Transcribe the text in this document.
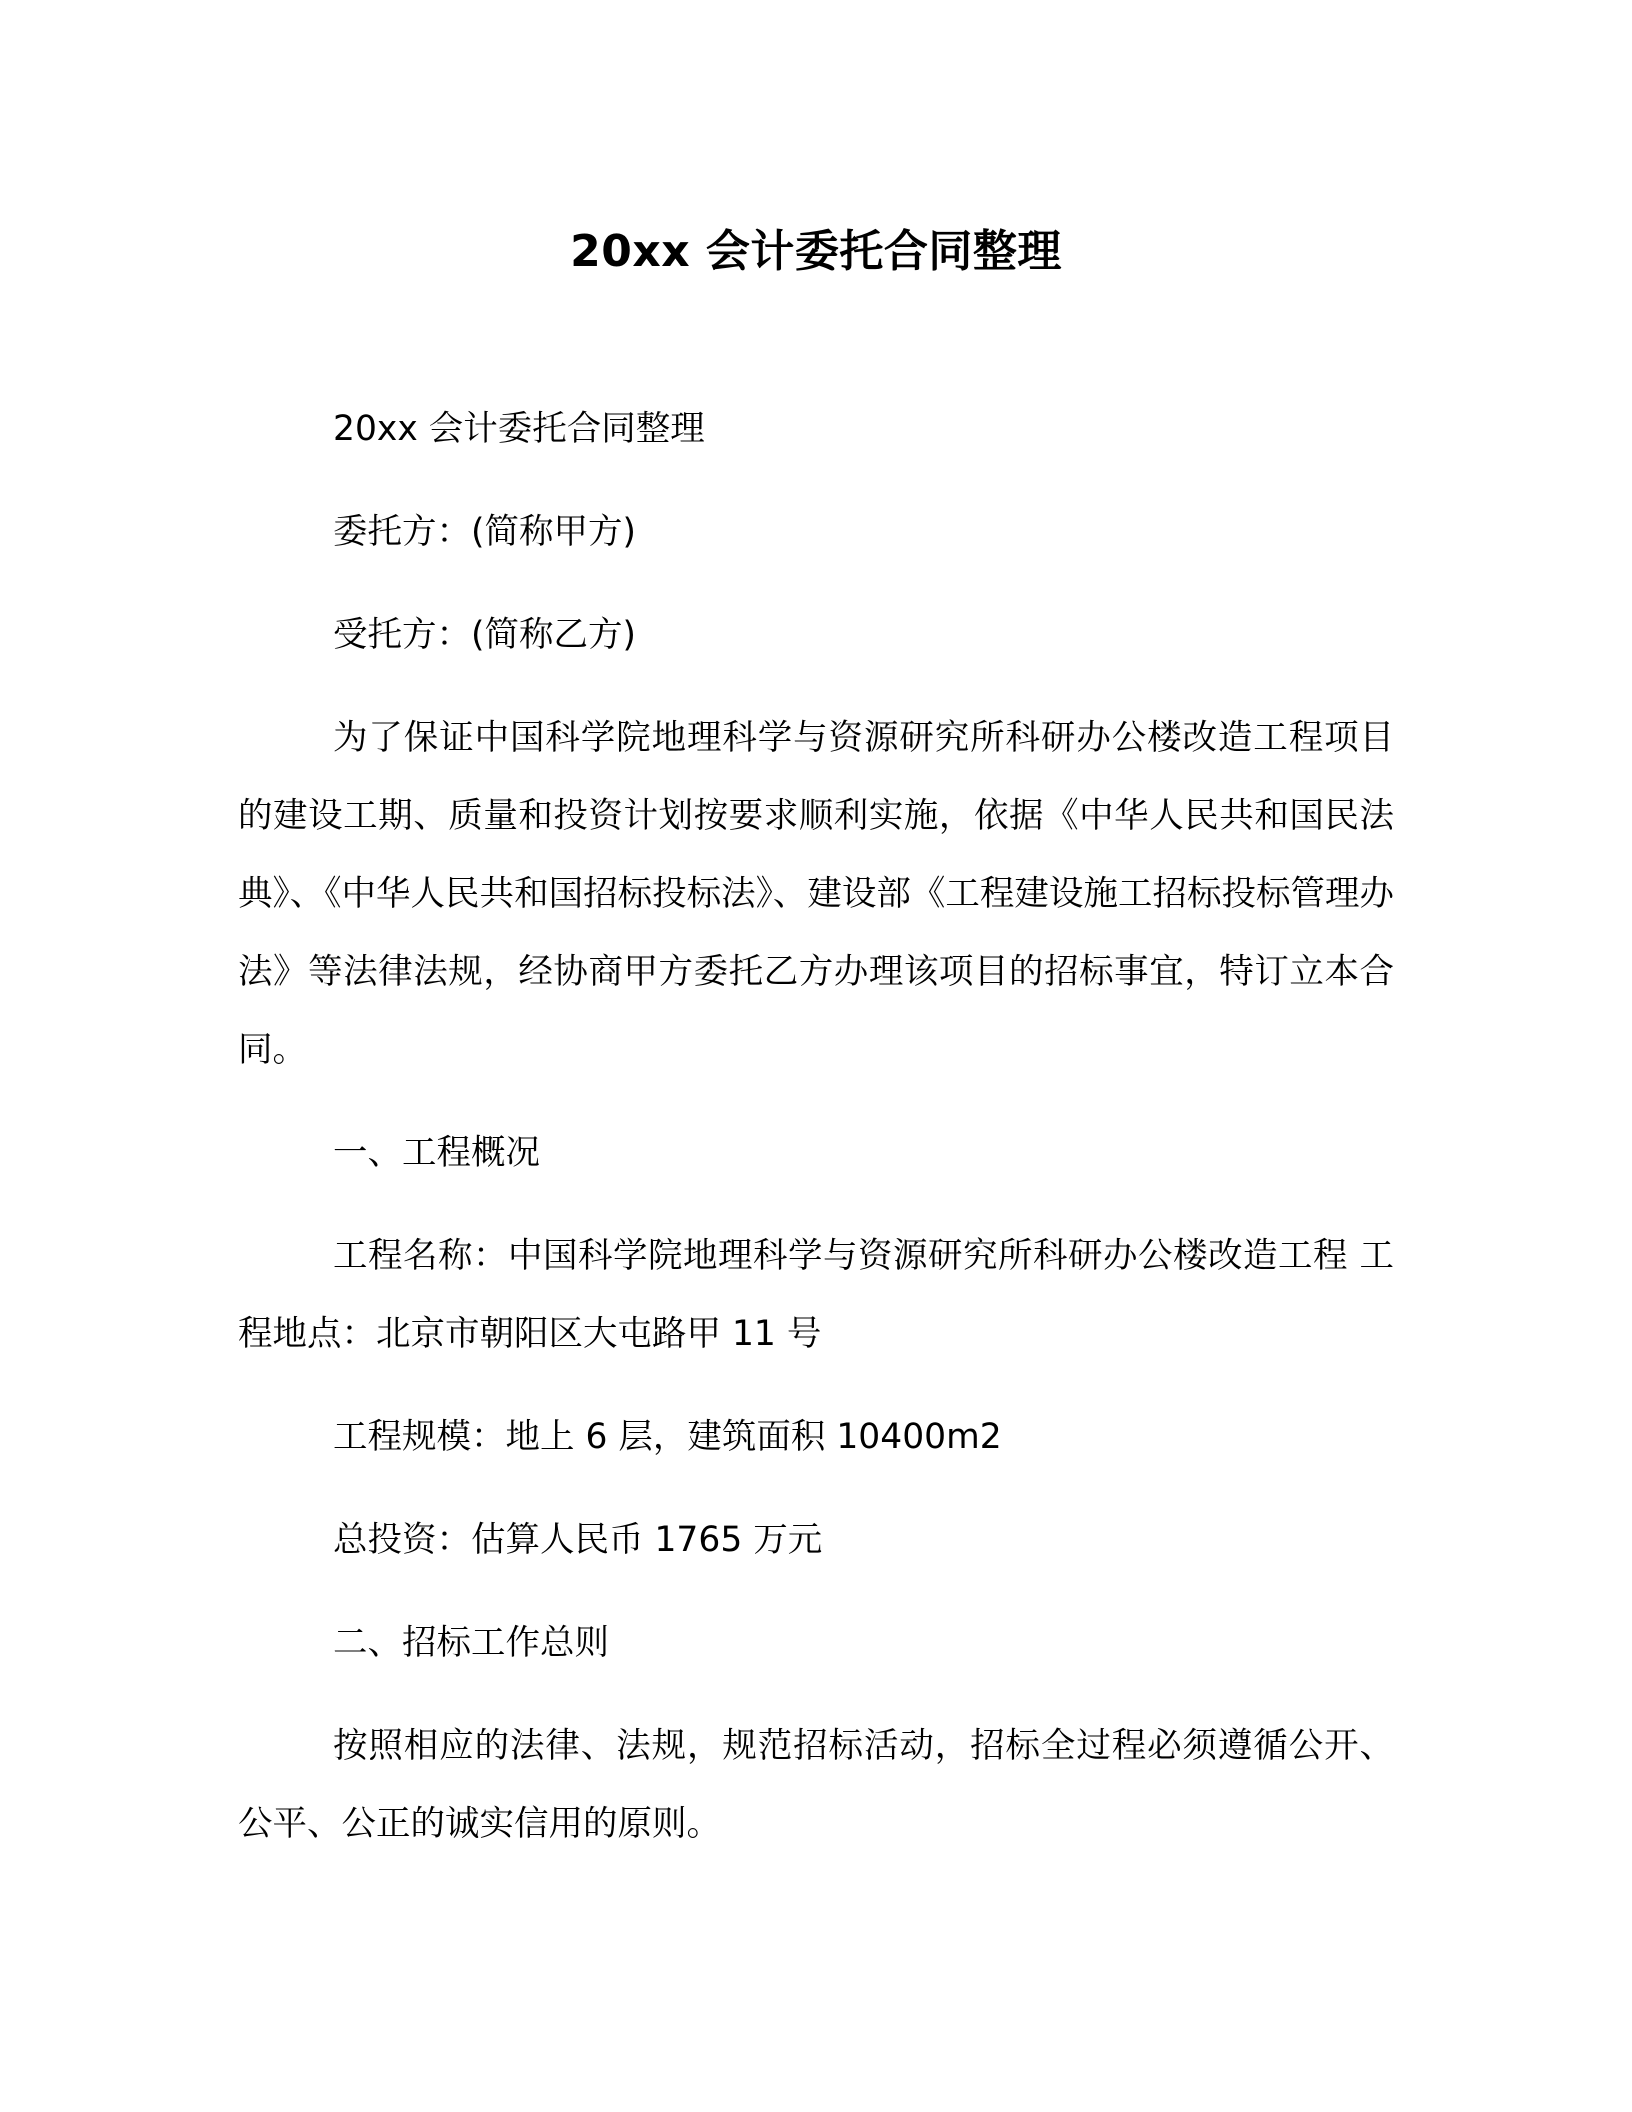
20xx 会计委托合同整理

20xx 会计委托合同整理

委托方：(简称甲方)

受托方：(简称乙方)

为了保证中国科学院地理科学与资源研究所科研办公楼改造工程项目的建设工期、质量和投资计划按要求顺利实施，依据《中华人民共和国民法典》、《中华人民共和国招标投标法》、建设部《工程建设施工招标投标管理办法》等法律法规，经协商甲方委托乙方办理该项目的招标事宜，特订立本合同。

一、工程概况

工程名称：中国科学院地理科学与资源研究所科研办公楼改造工程 工程地点：北京市朝阳区大屯路甲 11 号

工程规模：地上 6 层，建筑面积 10400m2

总投资：估算人民币 1765 万元

二、招标工作总则

按照相应的法律、法规，规范招标活动，招标全过程必须遵循公开、公平、公正的诚实信用的原则。
